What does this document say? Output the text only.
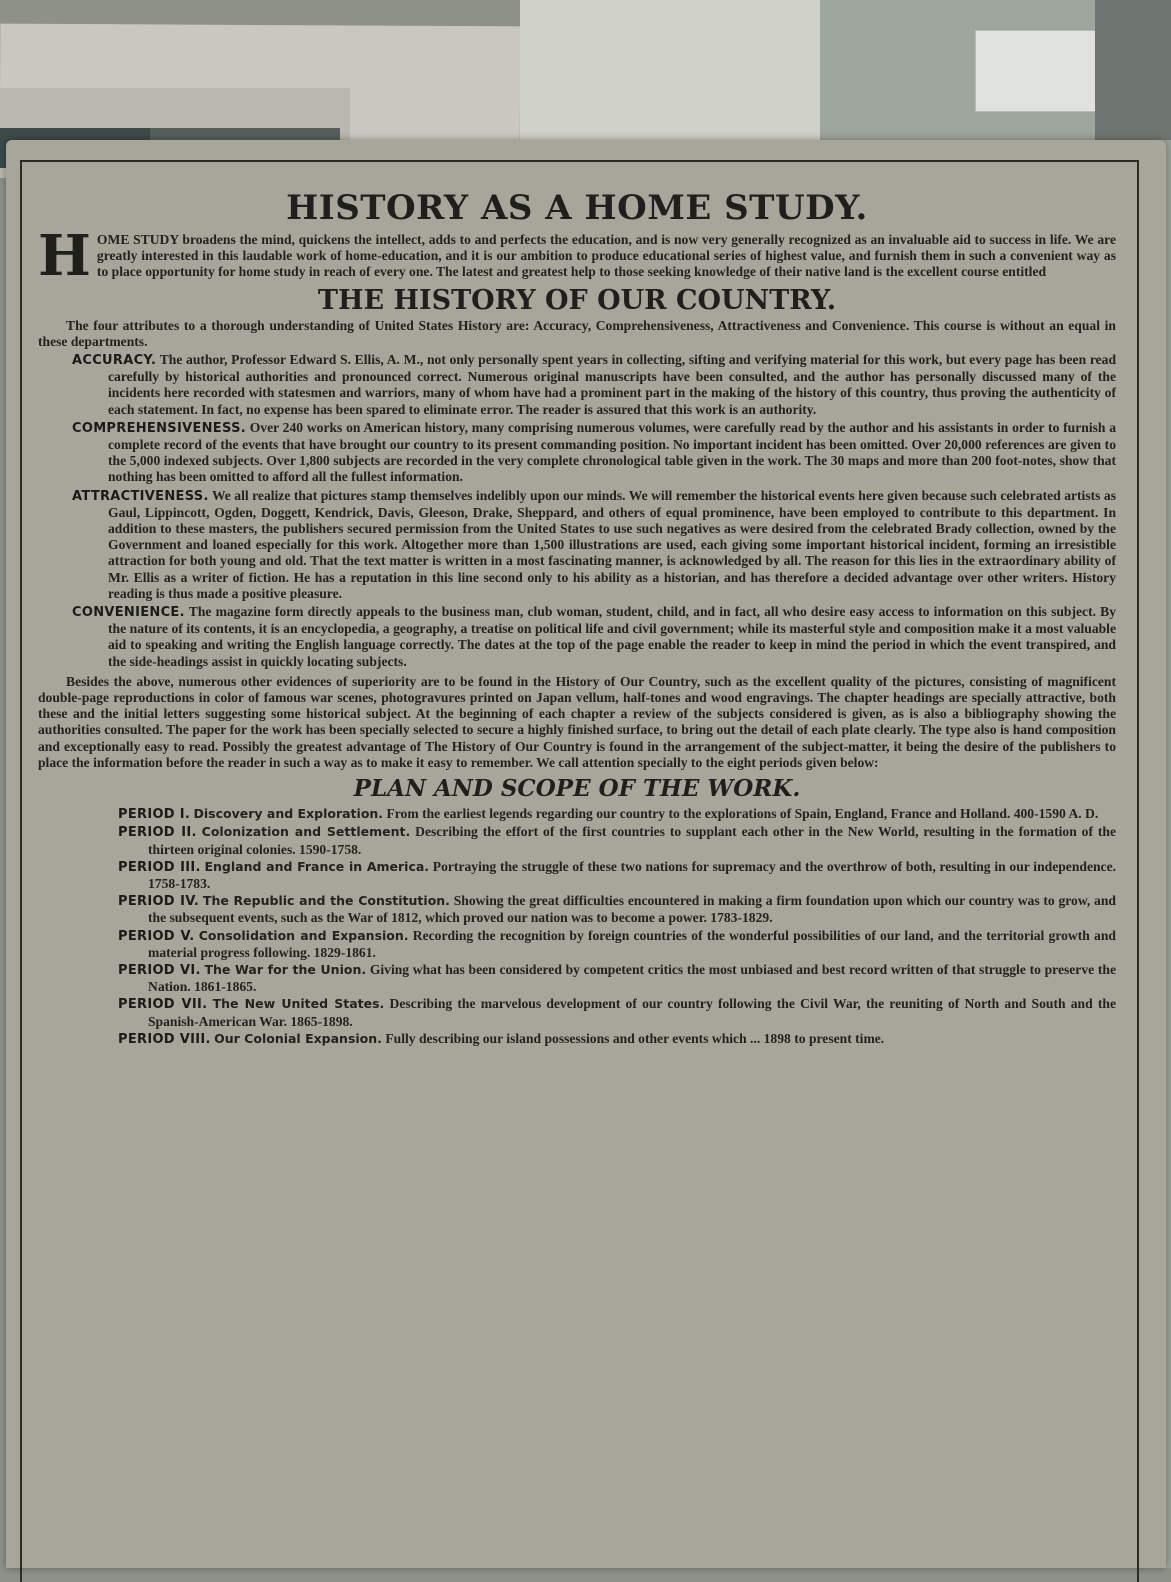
HISTORY AS A HOME STUDY.
H OME STUDY broadens the mind, quickens the intellect, adds to and perfects the education, and is now very generally recognized as an invaluable aid to success in life. We are greatly interested in this laudable work of home-education, and it is our ambition to produce educational series of highest value, and furnish them in such a convenient way as to place opportunity for home study in reach of every one. The latest and greatest help to those seeking knowledge of their native land is the excellent course entitled

THE HISTORY OF OUR COUNTRY.

The four attributes to a thorough understanding of United States History are: Accuracy, Comprehensiveness, Attractiveness and Convenience. This course is without an equal in these departments.

ACCURACY. The author, Professor Edward S. Ellis, A. M., not only personally spent years in collecting, sifting and verifying material for this work, but every page has been read carefully by historical authorities and pronounced correct. Numerous original manuscripts have been consulted, and the author has personally discussed many of the incidents here recorded with statesmen and warriors, many of whom have had a prominent part in the making of the history of this country, thus proving the authenticity of each statement. In fact, no expense has been spared to eliminate error. The reader is assured that this work is an authority.

COMPREHENSIVENESS. Over 240 works on American history, many comprising numerous volumes, were carefully read by the author and his assistants in order to furnish a complete record of the events that have brought our country to its present commanding position. No important incident has been omitted. Over 20,000 references are given to the 5,000 indexed subjects. Over 1,800 subjects are recorded in the very complete chronological table given in the work. The 30 maps and more than 200 foot-notes, show that nothing has been omitted to afford all the fullest information.

ATTRACTIVENESS. We all realize that pictures stamp themselves indelibly upon our minds. We will remember the historical events here given because such celebrated artists as Gaul, Lippincott, Ogden, Doggett, Kendrick, Davis, Gleeson, Drake, Sheppard, and others of equal prominence, have been employed to contribute to this department. In addition to these masters, the publishers secured permission from the United States to use such negatives as were desired from the celebrated Brady collection, owned by the Government and loaned especially for this work. Altogether more than 1,500 illustrations are used, each giving some important historical incident, forming an irresistible attraction for both young and old. That the text matter is written in a most fascinating manner, is acknowledged by all. The reason for this lies in the extraordinary ability of Mr. Ellis as a writer of fiction. He has a reputation in this line second only to his ability as a historian, and has therefore a decided advantage over other writers. History reading is thus made a positive pleasure.

CONVENIENCE. The magazine form directly appeals to the business man, club woman, student, child, and in fact, all who desire easy access to information on this subject. By the nature of its contents, it is an encyclopedia, a geography, a treatise on political life and civil government; while its masterful style and composition make it a most valuable aid to speaking and writing the English language correctly. The dates at the top of the page enable the reader to keep in mind the period in which the event transpired, and the side-headings assist in quickly locating subjects.

Besides the above, numerous other evidences of superiority are to be found in the History of Our Country, such as the excellent quality of the pictures, consisting of magnificent double-page reproductions in color of famous war scenes, photogravures printed on Japan vellum, half-tones and wood engravings. The chapter headings are specially attractive, both these and the initial letters suggesting some historical subject. At the beginning of each chapter a review of the subjects considered is given, as is also a bibliography showing the authorities consulted. The paper for the work has been specially selected to secure a highly finished surface, to bring out the detail of each plate clearly. The type also is hand composition and exceptionally easy to read. Possibly the greatest advantage of The History of Our Country is found in the arrangement of the subject-matter, it being the desire of the publishers to place the information before the reader in such a way as to make it easy to remember. We call attention specially to the eight periods given below:

PLAN AND SCOPE OF THE WORK.

PERIOD I. Discovery and Exploration. From the earliest legends regarding our country to the explorations of Spain, England, France and Holland. 400-1590 A. D.

PERIOD II. Colonization and Settlement. Describing the effort of the first countries to supplant each other in the New World, resulting in the formation of the thirteen original colonies. 1590-1758.

PERIOD III. England and France in America. Portraying the struggle of these two nations for supremacy and the overthrow of both, resulting in our independence. 1758-1783.

PERIOD IV. The Republic and the Constitution. Showing the great difficulties encountered in making a firm foundation upon which our country was to grow, and the subsequent events, such as the War of 1812, which proved our nation was to become a power. 1783-1829.

PERIOD V. Consolidation and Expansion. Recording the recognition by foreign countries of the wonderful possibilities of our land, and the territorial growth and material progress following. 1829-1861.

PERIOD VI. The War for the Union. Giving what has been considered by competent critics the most unbiased and best record written of that struggle to preserve the Nation. 1861-1865.

PERIOD VII. The New United States. Describing the marvelous development of our country following the Civil War, the reuniting of North and South and the Spanish-American War. 1865-1898.

PERIOD VIII. Our Colonial Expansion. Fully describing our island possessions and other events which ... 1898 to present time.
